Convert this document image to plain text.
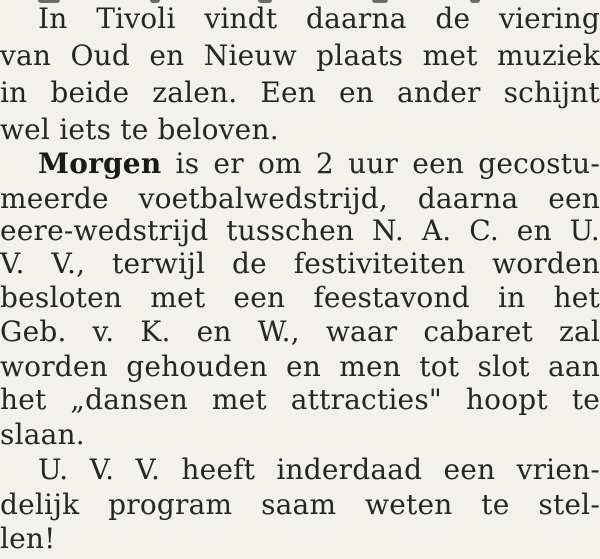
In Tivoli vindt daarna de viering

van Oud en Nieuw plaats met muziek

in beide zalen. Een en ander schijnt

wel iets te beloven.

Morgen is er om 2 uur een gecostu-

meerde voetbalwedstrijd, daarna een

eere-wedstrijd tusschen N. A. C. en U.

V. V., terwijl de festiviteiten worden

besloten met een feestavond in het

Geb. v. K. en W., waar cabaret zal

worden gehouden en men tot slot aan

het „dansen met attracties" hoopt te

slaan.

U. V. V. heeft inderdaad een vrien-

delijk program saam weten te stel-

len!
